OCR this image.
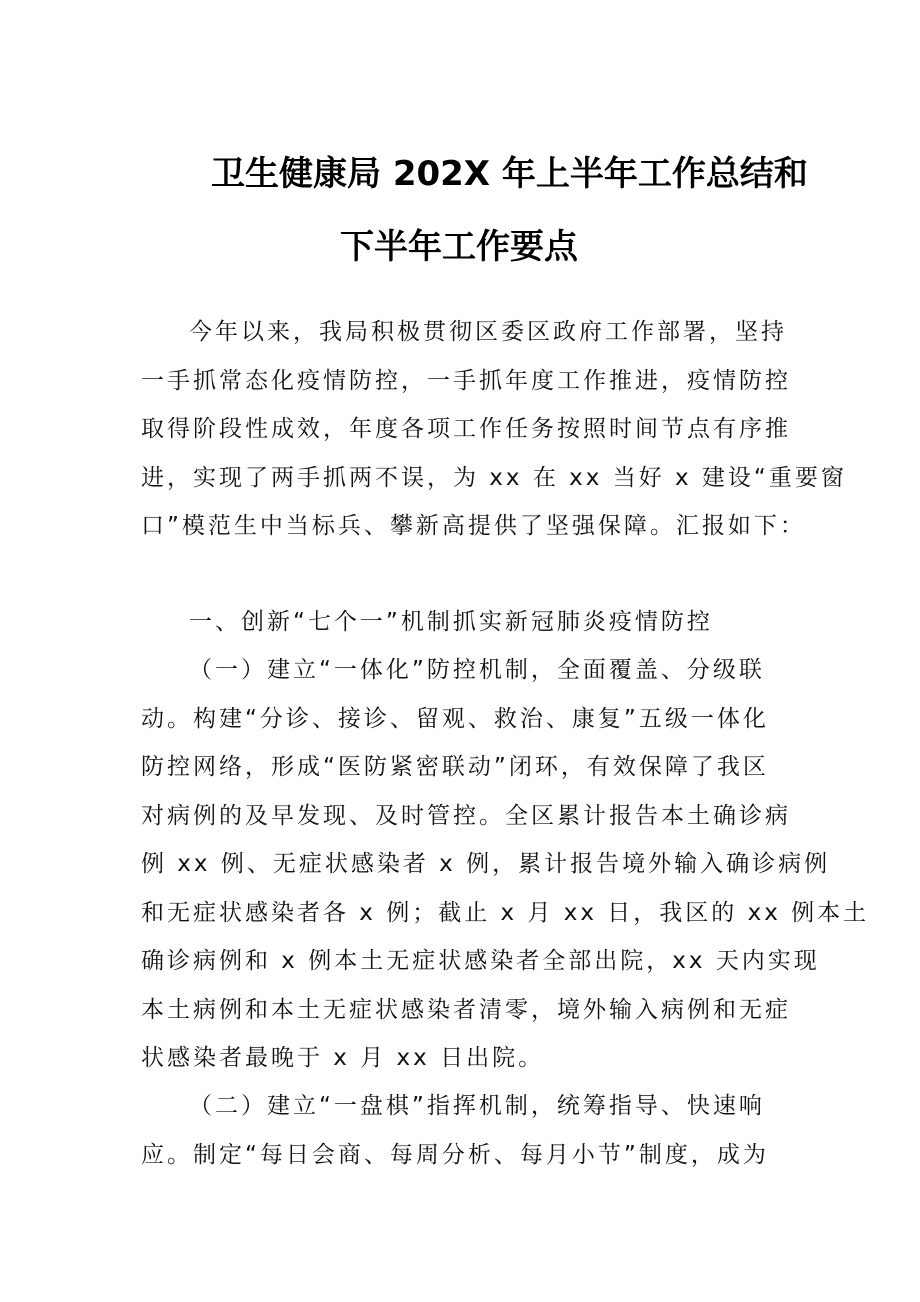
卫生健康局 202X 年上半年工作总结和
下半年工作要点
今年以来，我局积极贯彻区委区政府工作部署，坚持
一手抓常态化疫情防控，一手抓年度工作推进，疫情防控
取得阶段性成效，年度各项工作任务按照时间节点有序推
进，实现了两手抓两不误，为 xx 在 xx 当好 x 建设“重要窗
口”模范生中当标兵、攀新高提供了坚强保障。汇报如下：
一、创新“七个一”机制抓实新冠肺炎疫情防控
（一）建立“一体化”防控机制，全面覆盖、分级联
动。构建“分诊、接诊、留观、救治、康复”五级一体化
防控网络，形成“医防紧密联动”闭环，有效保障了我区
对病例的及早发现、及时管控。全区累计报告本土确诊病
例 xx 例、无症状感染者 x 例，累计报告境外输入确诊病例
和无症状感染者各 x 例；截止 x 月 xx 日，我区的 xx 例本土
确诊病例和 x 例本土无症状感染者全部出院，xx 天内实现
本土病例和本土无症状感染者清零，境外输入病例和无症
状感染者最晚于 x 月 xx 日出院。
（二）建立“一盘棋”指挥机制，统筹指导、快速响
应。制定“每日会商、每周分析、每月小节”制度，成为
